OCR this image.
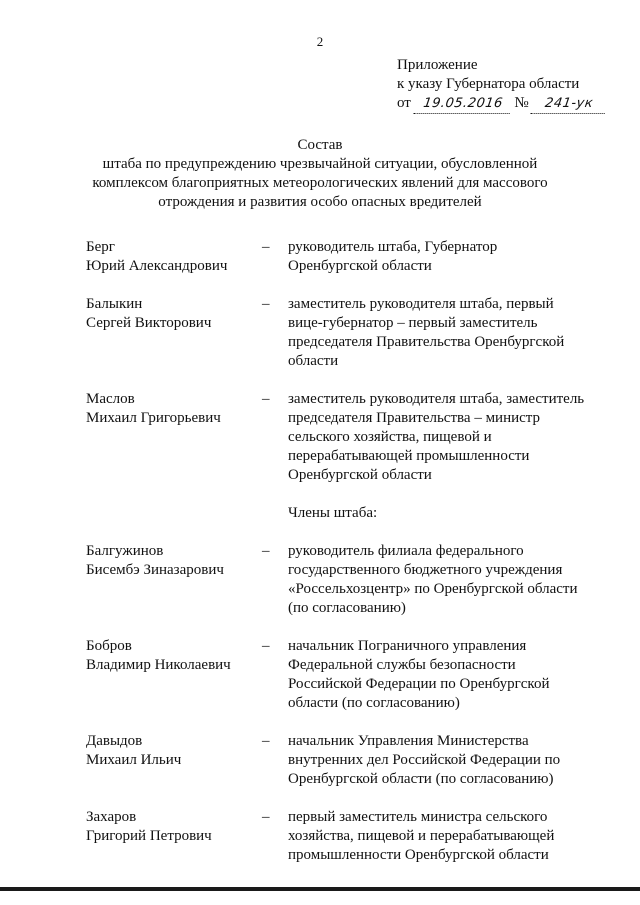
2
Приложение
к указу Губернатора области
от 19.05.2016 № 241-ук
Состав
штаба по предупреждению чрезвычайной ситуации, обусловленной
комплексом благоприятных метеорологических явлений для массового
отрождения и развития особо опасных вредителей
Берг
Юрий Александрович
–	руководитель штаба, Губернатор Оренбургской области
Балыкин
Сергей Викторович
–	заместитель руководителя штаба, первый вице-губернатор – первый заместитель председателя Правительства Оренбургской области
Маслов
Михаил Григорьевич
–	заместитель руководителя штаба, заместитель председателя Правительства – министр сельского хозяйства, пищевой и перерабатывающей промышленности Оренбургской области
Члены штаба:
Балгужинов
Бисембэ Зиназарович
–	руководитель филиала федерального государственного бюджетного учреждения «Россельхозцентр» по Оренбургской области (по согласованию)
Бобров
Владимир Николаевич
–	начальник Пограничного управления Федеральной службы безопасности Российской Федерации по Оренбургской области (по согласованию)
Давыдов
Михаил Ильич
–	начальник Управления Министерства внутренних дел Российской Федерации по Оренбургской области (по согласованию)
Захаров
Григорий Петрович
–	первый заместитель министра сельского хозяйства, пищевой и перерабатывающей промышленности Оренбургской области
